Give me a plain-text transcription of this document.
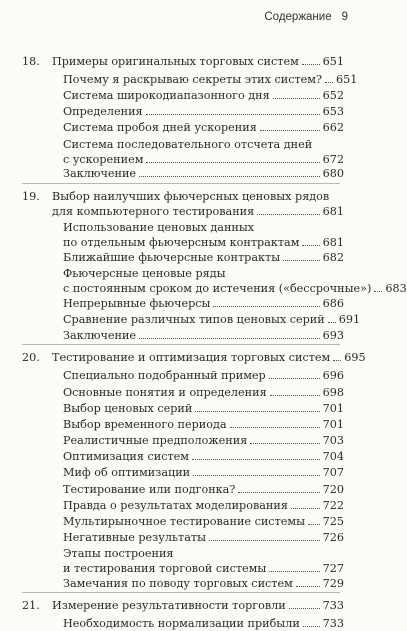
Содержание 9
18.	Примеры оригинальных торговых систем 651
Почему я раскрываю секреты этих систем? 651
Система широкодиапазонного дня	652
Определения	653
Система пробоя дней ускорения	662
Система последовательного отсчета дней
с ускорением	672
Заключение	680
19.	Выбор наилучших фьючерсных ценовых рядов
для компьютерного тестирования	681
Использование ценовых данных
по отдельным фьючерсным контрактам 681
Ближайшие фьючерсные контракты	682
Фьючерсные ценовые ряды
с постоянным сроком до истечения («бессрочные») 683
Непрерывные фьючерсы	686
Сравнение различных типов ценовых серий 691
Заключение	693
20.	Тестирование и оптимизация торговых систем 695
Специально подобранный пример	696
Основные понятия и определения	698
Выбор ценовых серий	701
Выбор временного периода	701
Реалистичные предположения	703
Оптимизация систем	704
Миф об оптимизации	707
Тестирование или подгонка?	720
Правда о результатах моделирования	722
Мультирыночное тестирование системы 725
Негативные результаты	726
Этапы построения
и тестирования торговой системы	727
Замечания по поводу торговых систем	729
21.	Измерение результативности торговли	733
Необходимость нормализации прибыли 733
